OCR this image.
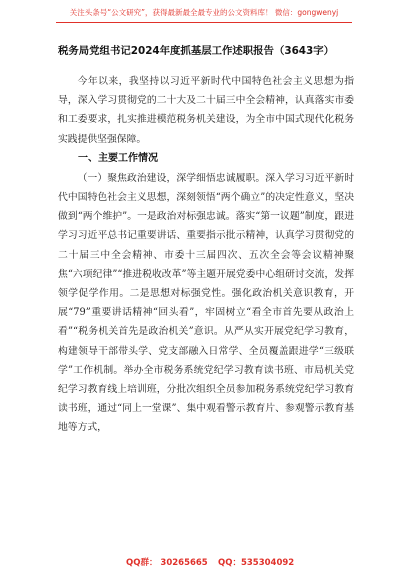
关注头条号“公文研究”，获得最新最全最专业的公文资料库！ 微信：gongwenyj
税务局党组书记2024年度抓基层工作述职报告（3643字）

今年以来，我坚持以习近平新时代中国特色社会主义思想为指导，深入学习贯彻党的二十大及二十届三中全会精神，认真落实市委和工委要求，扎实推进模范税务机关建设，为全市中国式现代化税务实践提供坚强保障。

一、主要工作情况

（一）聚焦政治建设，深学细悟忠诚履职。深入学习习近平新时代中国特色社会主义思想，深刻领悟“两个确立”的决定性意义，坚决做到“两个维护”。一是政治对标强忠诚。落实“第一议题”制度，跟进学习习近平总书记重要讲话、重要指示批示精神，认真学习贯彻党的二十届三中全会精神、市委十三届四次、五次全会等会议精神聚焦“六项纪律”“推进税收改革”等主题开展党委中心组研讨交流，发挥领学促学作用。二是思想对标强党性。强化政治机关意识教育，开展“79”重要讲话精神“回头看”，牢固树立“看全市首先要从政治上看”“税务机关首先是政治机关”意识。从严从实开展党纪学习教育，构建领导干部带头学、党支部融入日常学、全员覆盖跟进学“三级联学”工作机制。举办全市税务系统党纪学习教育读书班、市局机关党纪学习教育线上培训班，分批次组织全员参加税务系统党纪学习教育读书班，通过“同上一堂课”、集中观看警示教育片、参观警示教育基地等方式，

QQ群： 30265665 QQ：535304092
